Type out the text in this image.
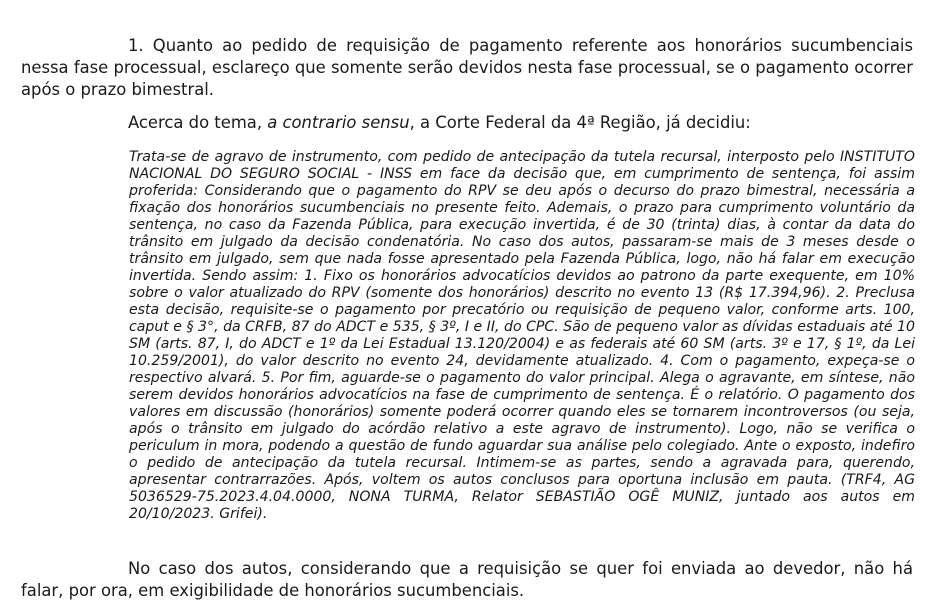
1. Quanto ao pedido de requisição de pagamento referente aos honorários sucumbenciais nessa fase processual, esclareço que somente serão devidos nesta fase processual, se o pagamento ocorrer após o prazo bimestral.

Acerca do tema, a contrario sensu, a Corte Federal da 4ª Região, já decidiu:

Trata-se de agravo de instrumento, com pedido de antecipação da tutela recursal, interposto pelo INSTITUTO NACIONAL DO SEGURO SOCIAL - INSS em face da decisão que, em cumprimento de sentença, foi assim proferida: Considerando que o pagamento do RPV se deu após o decurso do prazo bimestral, necessária a fixação dos honorários sucumbenciais no presente feito. Ademais, o prazo para cumprimento voluntário da sentença, no caso da Fazenda Pública, para execução invertida, é de 30 (trinta) dias, à contar da data do trânsito em julgado da decisão condenatória. No caso dos autos, passaram-se mais de 3 meses desde o trânsito em julgado, sem que nada fosse apresentado pela Fazenda Pública, logo, não há falar em execução invertida. Sendo assim: 1. Fixo os honorários advocatícios devidos ao patrono da parte exequente, em 10% sobre o valor atualizado do RPV (somente dos honorários) descrito no evento 13 (R$ 17.394,96). 2. Preclusa esta decisão, requisite-se o pagamento por precatório ou requisição de pequeno valor, conforme arts. 100, caput e § 3°, da CRFB, 87 do ADCT e 535, § 3º, I e II, do CPC. São de pequeno valor as dívidas estaduais até 10 SM (arts. 87, I, do ADCT e 1º da Lei Estadual 13.120/2004) e as federais até 60 SM (arts. 3º e 17, § 1º, da Lei 10.259/2001), do valor descrito no evento 24, devidamente atualizado. 4. Com o pagamento, expeça-se o respectivo alvará. 5. Por fim, aguarde-se o pagamento do valor principal. Alega o agravante, em síntese, não serem devidos honorários advocatícios na fase de cumprimento de sentença. É o relatório. O pagamento dos valores em discussão (honorários) somente poderá ocorrer quando eles se tornarem incontroversos (ou seja, após o trânsito em julgado do acórdão relativo a este agravo de instrumento). Logo, não se verifica o periculum in mora, podendo a questão de fundo aguardar sua análise pelo colegiado. Ante o exposto, indefiro o pedido de antecipação da tutela recursal. Intimem-se as partes, sendo a agravada para, querendo, apresentar contrarrazões. Após, voltem os autos conclusos para oportuna inclusão em pauta. (TRF4, AG 5036529-75.2023.4.04.0000, NONA TURMA, Relator SEBASTIÃO OGÊ MUNIZ, juntado aos autos em 20/10/2023. Grifei).

No caso dos autos, considerando que a requisição se quer foi enviada ao devedor, não há falar, por ora, em exigibilidade de honorários sucumbenciais.
